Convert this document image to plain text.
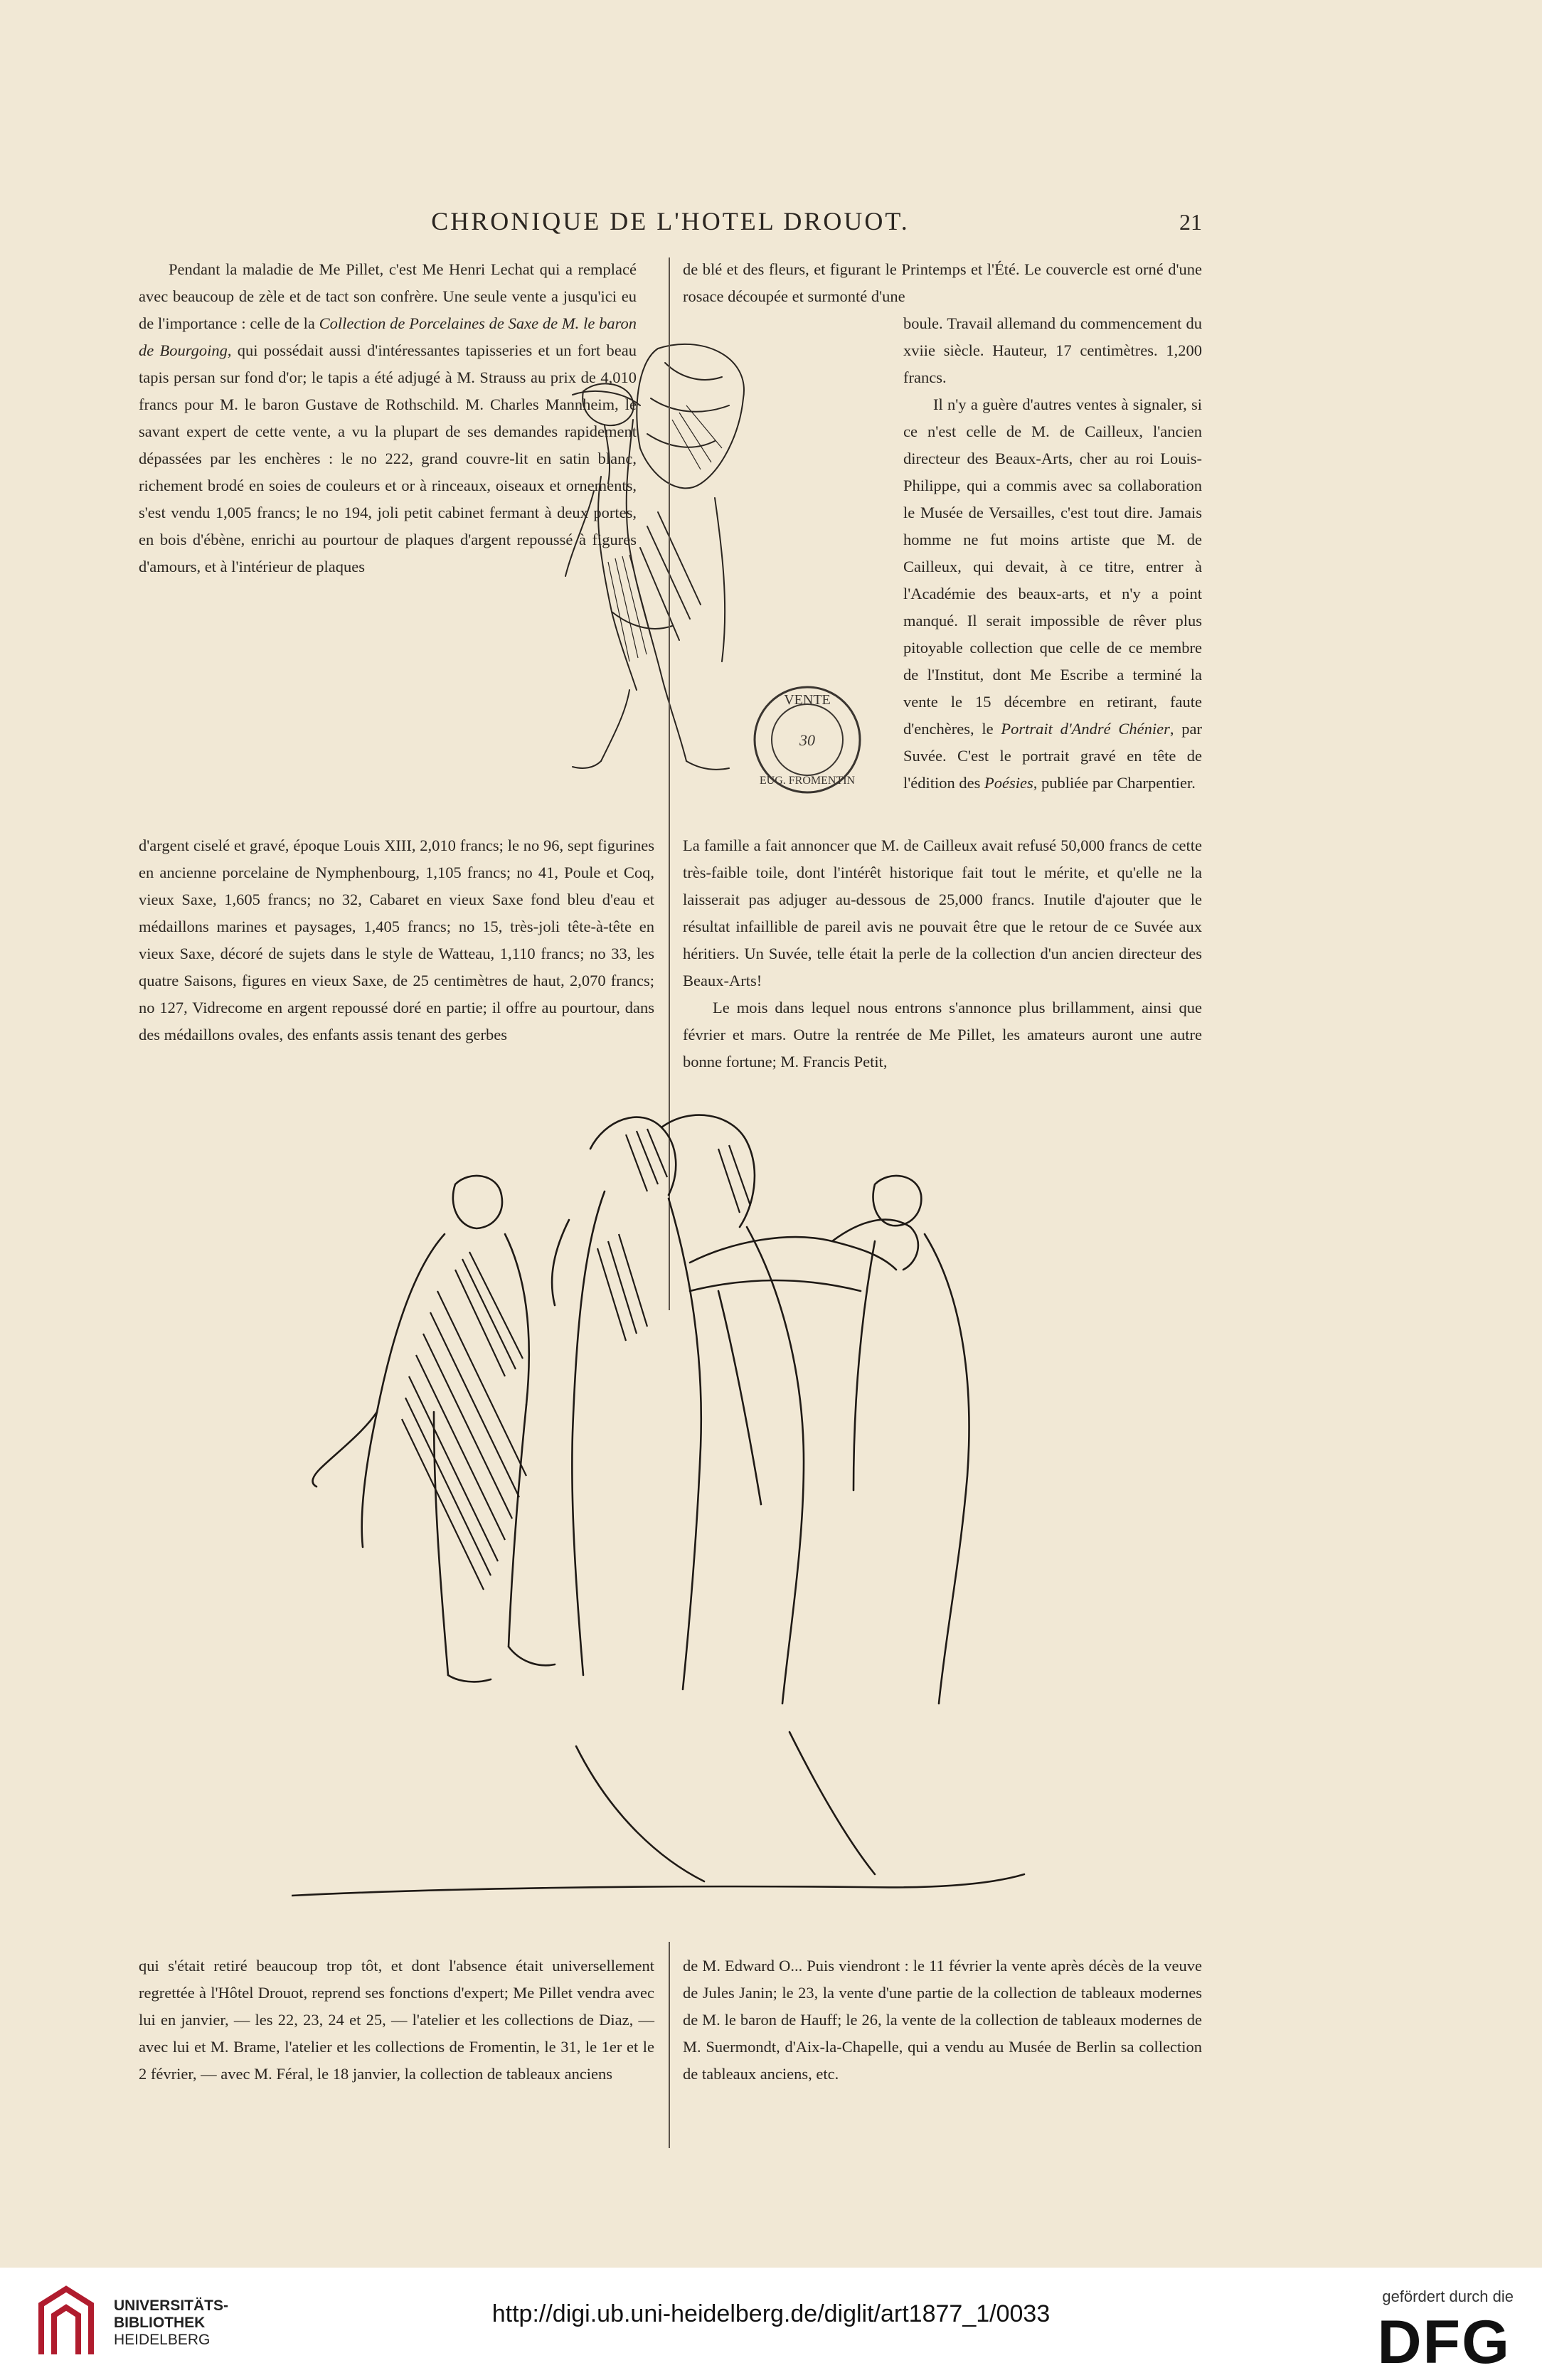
CHRONIQUE DE L'HOTEL DROUOT.	21

Pendant la maladie de Me Pillet, c'est Me Henri Lechat qui a remplacé avec beaucoup de zèle et de tact son confrère. Une seule vente a jusqu'ici eu de l'importance : celle de la Collection de Porcelaines de Saxe de M. le baron de Bourgoing, qui possédait aussi d'intéressantes tapisseries et un fort beau tapis persan sur fond d'or; le tapis a été adjugé à M. Strauss au prix de 4,010 francs pour M. le baron Gustave de Rothschild. M. Charles Mannheim, le savant expert de cette vente, a vu la plupart de ses demandes rapidement dépassées par les enchères : le no 222, grand couvre-lit en satin blanc, richement brodé en soies de couleurs et or à rinceaux, oiseaux et ornements, s'est vendu 1,005 francs; le no 194, joli petit cabinet fermant à deux portes, en bois d'ébène, enrichi au pourtour de plaques d'argent repoussé à figures d'amours, et à l'intérieur de plaques

VENTE
30
EUG. FROMENTIN

d'argent ciselé et gravé, époque Louis XIII, 2,010 francs; le no 96, sept figurines en ancienne porcelaine de Nymphenbourg, 1,105 francs; no 41, Poule et Coq, vieux Saxe, 1,605 francs; no 32, Cabaret en vieux Saxe fond bleu d'eau et médaillons marines et paysages, 1,405 francs; no 15, très-joli tête-à-tête en vieux Saxe, décoré de sujets dans le style de Watteau, 1,110 francs; no 33, les quatre Saisons, figures en vieux Saxe, de 25 centimètres de haut, 2,070 francs; no 127, Vidrecome en argent repoussé doré en partie; il offre au pourtour, dans des médaillons ovales, des enfants assis tenant des gerbes

de blé et des fleurs, et figurant le Printemps et l'Été. Le couvercle est orné d'une rosace découpée et surmonté d'une

boule. Travail allemand du commencement du xviie siècle. Hauteur, 17 centimètres. 1,200 francs.

Il n'y a guère d'autres ventes à signaler, si ce n'est celle de M. de Cailleux, l'ancien directeur des Beaux-Arts, cher au roi Louis-Philippe, qui a commis avec sa collaboration le Musée de Versailles, c'est tout dire. Jamais homme ne fut moins artiste que M. de Cailleux, qui devait, à ce titre, entrer à l'Académie des beaux-arts, et n'y a point manqué. Il serait impossible de rêver plus pitoyable collection que celle de ce membre de l'Institut, dont Me Escribe a terminé la vente le 15 décembre en retirant, faute d'enchères, le Portrait d'André Chénier, par Suvée. C'est le portrait gravé en tête de l'édition des Poésies, publiée par Charpentier.

La famille a fait annoncer que M. de Cailleux avait refusé 50,000 francs de cette très-faible toile, dont l'intérêt historique fait tout le mérite, et qu'elle ne la laisserait pas adjuger au-dessous de 25,000 francs. Inutile d'ajouter que le résultat infaillible de pareil avis ne pouvait être que le retour de ce Suvée aux héritiers. Un Suvée, telle était la perle de la collection d'un ancien directeur des Beaux-Arts!

Le mois dans lequel nous entrons s'annonce plus brillamment, ainsi que février et mars. Outre la rentrée de Me Pillet, les amateurs auront une autre bonne fortune; M. Francis Petit,

qui s'était retiré beaucoup trop tôt, et dont l'absence était universellement regrettée à l'Hôtel Drouot, reprend ses fonctions d'expert; Me Pillet vendra avec lui en janvier, — les 22, 23, 24 et 25, — l'atelier et les collections de Diaz, — avec lui et M. Brame, l'atelier et les collections de Fromentin, le 31, le 1er et le 2 février, — avec M. Féral, le 18 janvier, la collection de tableaux anciens

de M. Edward O... Puis viendront : le 11 février la vente après décès de la veuve de Jules Janin; le 23, la vente d'une partie de la collection de tableaux modernes de M. le baron de Hauff; le 26, la vente de la collection de tableaux modernes de M. Suermondt, d'Aix-la-Chapelle, qui a vendu au Musée de Berlin sa collection de tableaux anciens, etc.

UNIVERSITÄTS-
BIBLIOTHEK
HEIDELBERG
http://digi.ub.uni-heidelberg.de/diglit/art1877_1/0033
gefördert durch die
DFG
